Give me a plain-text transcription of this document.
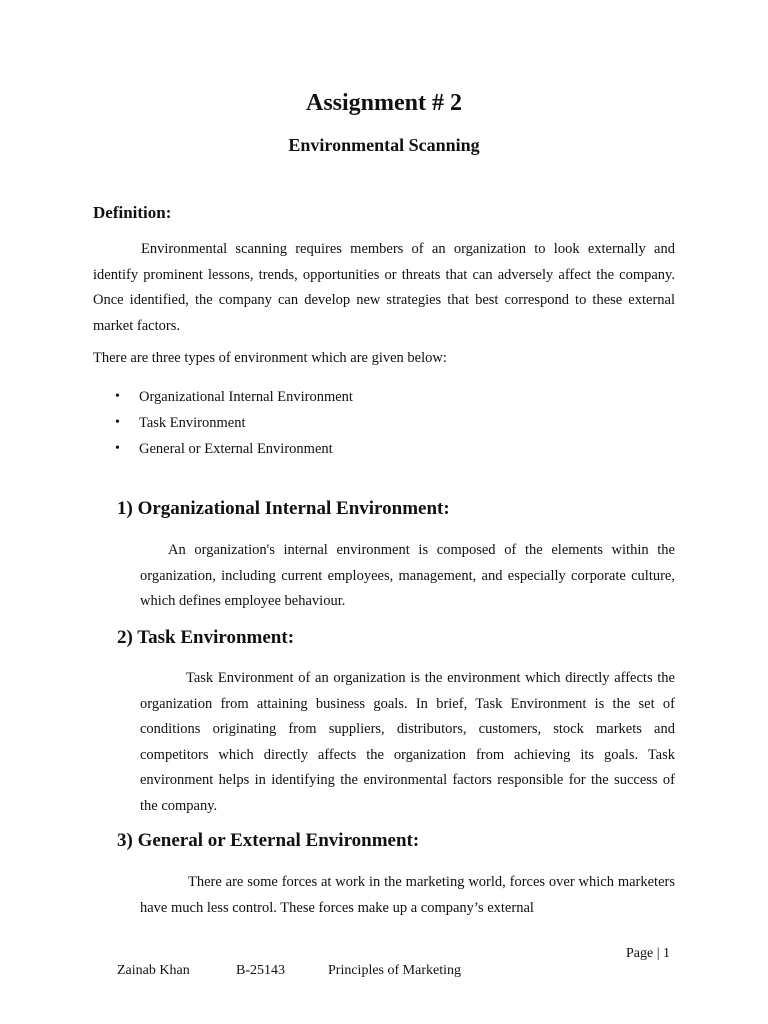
Assignment # 2
Environmental Scanning
Definition:

Environmental scanning requires members of an organization to look externally and identify prominent lessons, trends, opportunities or threats that can adversely affect the company. Once identified, the company can develop new strategies that best correspond to these external market factors.

There are three types of environment which are given below:
• Organizational Internal Environment
• Task Environment
• General or External Environment
1) Organizational Internal Environment:

An organization's internal environment is composed of the elements within the organization, including current employees, management, and especially corporate culture, which defines employee behaviour.

2) Task Environment:

Task Environment of an organization is the environment which directly affects the organization from attaining business goals. In brief, Task Environment is the set of conditions originating from suppliers, distributors, customers, stock markets and competitors which directly affects the organization from achieving its goals. Task environment helps in identifying the environmental factors responsible for the success of the company.

3) General or External Environment:

There are some forces at work in the marketing world, forces over which marketers have much less control. These forces make up a company’s external

Page | 1
Zainab Khan	B-25143	Principles of Marketing
